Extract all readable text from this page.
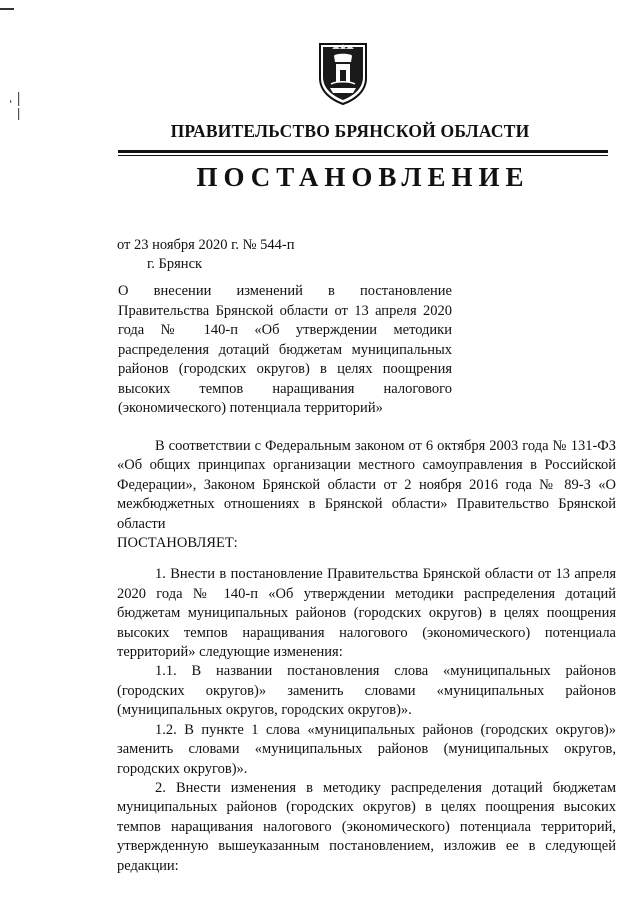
ПРАВИТЕЛЬСТВО БРЯНСКОЙ ОБЛАСТИ
ПОСТАНОВЛЕНИЕ
от 23 ноября 2020 г. № 544-п
г. Брянск
О внесении изменений в постановление Правительства Брянской области от 13 апреля 2020 года № 140-п «Об утверждении методики распределения дотаций бюджетам муниципальных районов (городских округов) в целях поощрения высоких темпов наращивания налогового (экономического) потенциала территорий»

В соответствии с Федеральным законом от 6 октября 2003 года № 131-ФЗ «Об общих принципах организации местного самоуправления в Российской Федерации», Законом Брянской области от 2 ноября 2016 года № 89-З «О межбюджетных отношениях в Брянской области» Правительство Брянской области

ПОСТАНОВЛЯЕТ:

1. Внести в постановление Правительства Брянской области от 13 апреля 2020 года № 140-п «Об утверждении методики распределения дотаций бюджетам муниципальных районов (городских округов) в целях поощрения высоких темпов наращивания налогового (экономического) потенциала территорий» следующие изменения:

1.1. В названии постановления слова «муниципальных районов (городских округов)» заменить словами «муниципальных районов (муниципальных округов, городских округов)».

1.2. В пункте 1 слова «муниципальных районов (городских округов)» заменить словами «муниципальных районов (муниципальных округов, городских округов)».

2. Внести изменения в методику распределения дотаций бюджетам муниципальных районов (городских округов) в целях поощрения высоких темпов наращивания налогового (экономического) потенциала территорий, утвержденную вышеуказанным постановлением, изложив ее в следующей редакции:
